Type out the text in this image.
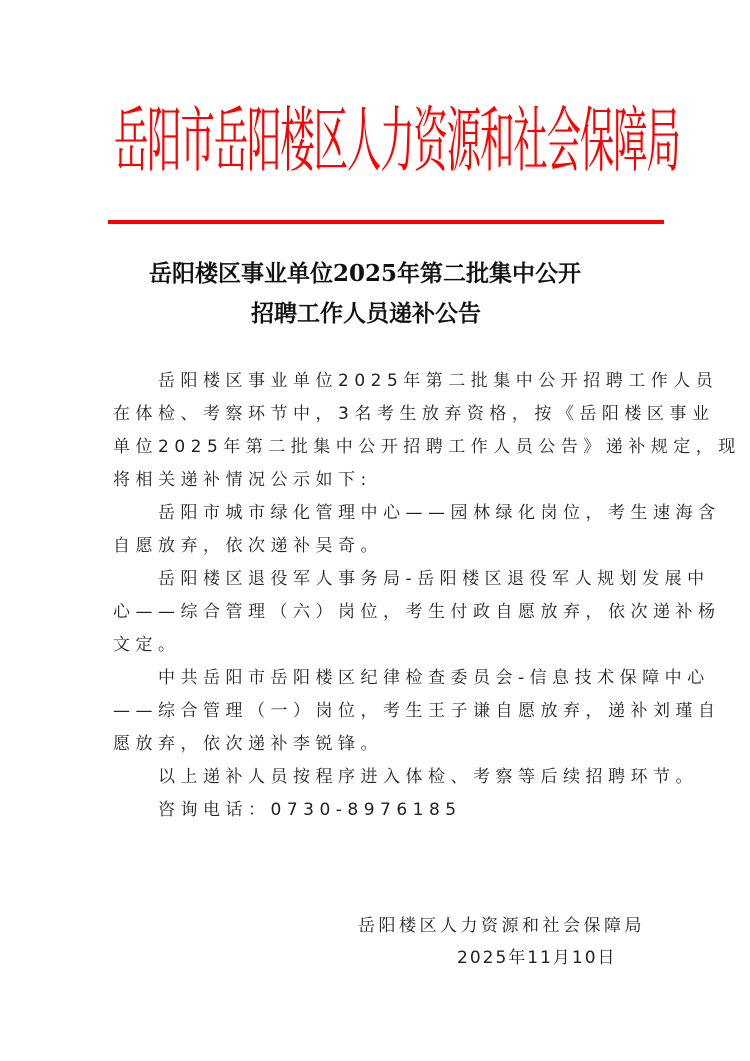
岳阳市岳阳楼区人力资源和社会保障局
岳阳楼区事业单位2025年第二批集中公开
招聘工作人员递补公告
岳阳楼区事业单位2025年第二批集中公开招聘工作人员
在体检、考察环节中，3名考生放弃资格，按《岳阳楼区事业
单位2025年第二批集中公开招聘工作人员公告》递补规定，现
将相关递补情况公示如下:
岳阳市城市绿化管理中心——园林绿化岗位，考生速海含
自愿放弃，依次递补吴奇。
岳阳楼区退役军人事务局-岳阳楼区退役军人规划发展中
心——综合管理（六）岗位，考生付政自愿放弃，依次递补杨
文定。
中共岳阳市岳阳楼区纪律检查委员会-信息技术保障中心
——综合管理（一）岗位，考生王子谦自愿放弃，递补刘瑾自
愿放弃，依次递补李锐锋。
以上递补人员按程序进入体检、考察等后续招聘环节。
咨询电话：0730-8976185
岳阳楼区人力资源和社会保障局
2025年11月10日
